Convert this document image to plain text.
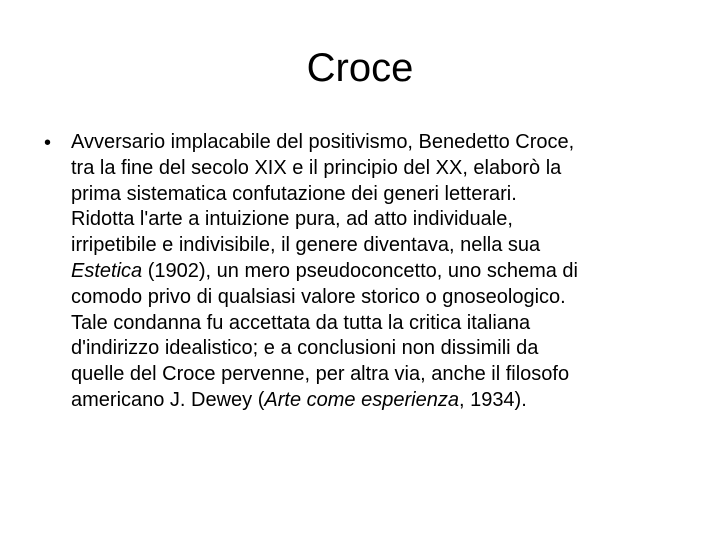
Croce
• Avversario implacabile del positivismo, Benedetto Croce,
tra la fine del secolo XIX e il principio del XX, elaborò la
prima sistematica confutazione dei generi letterari.
Ridotta l'arte a intuizione pura, ad atto individuale,
irripetibile e indivisibile, il genere diventava, nella sua
Estetica (1902), un mero pseudoconcetto, uno schema di
comodo privo di qualsiasi valore storico o gnoseologico.
Tale condanna fu accettata da tutta la critica italiana
d'indirizzo idealistico; e a conclusioni non dissimili da
quelle del Croce pervenne, per altra via, anche il filosofo
americano J. Dewey (Arte come esperienza, 1934).
